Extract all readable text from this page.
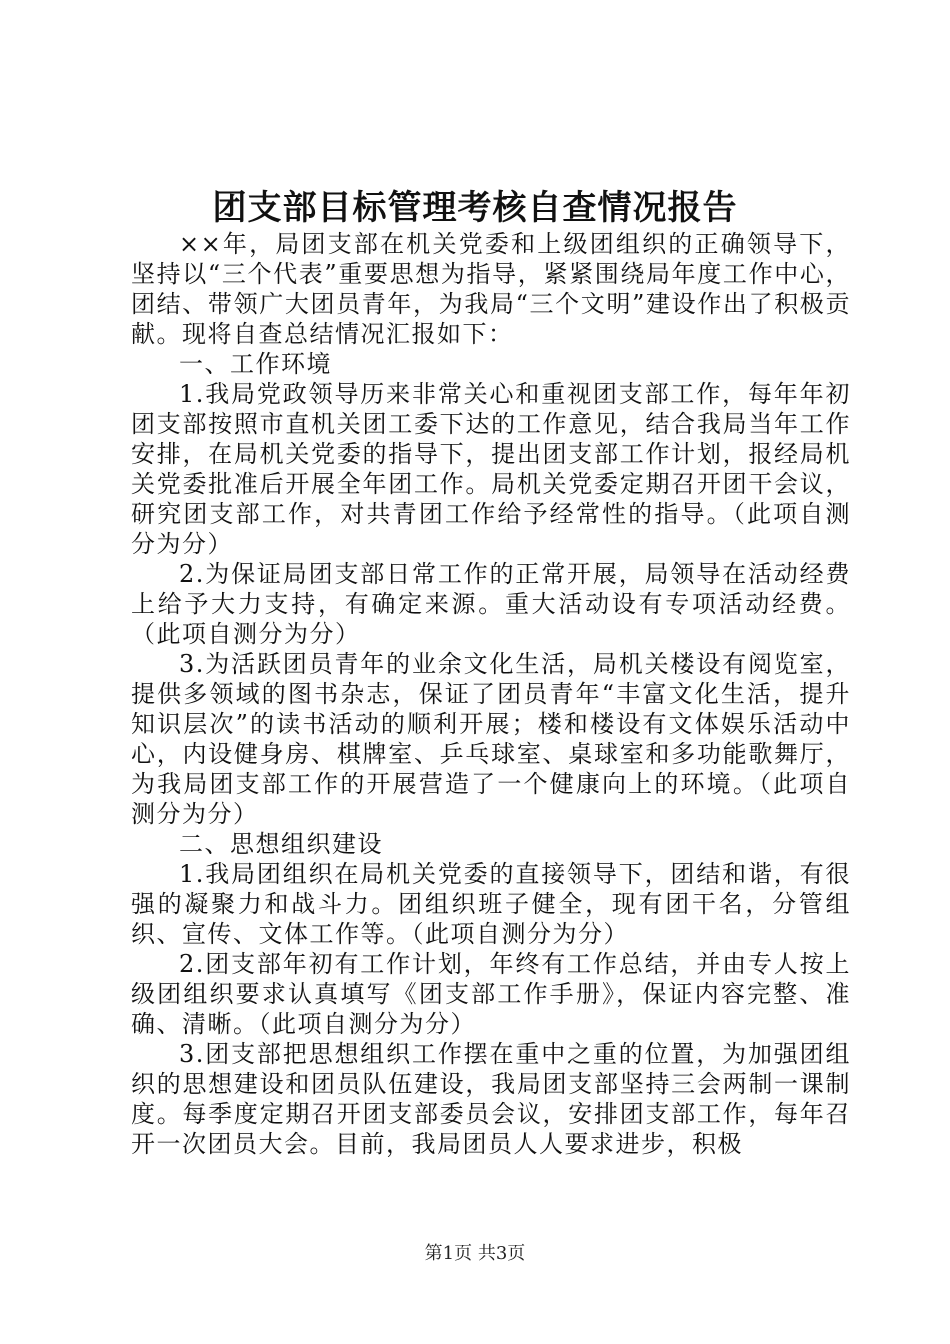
团支部目标管理考核自查情况报告

××年，局团支部在机关党委和上级团组织的正确领导下，坚持以“三个代表”重要思想为指导，紧紧围绕局年度工作中心，团结、带领广大团员青年，为我局“三个文明”建设作出了积极贡献。现将自查总结情况汇报如下：

一、工作环境

1.我局党政领导历来非常关心和重视团支部工作，每年年初团支部按照市直机关团工委下达的工作意见，结合我局当年工作安排，在局机关党委的指导下，提出团支部工作计划，报经局机关党委批准后开展全年团工作。局机关党委定期召开团干会议，研究团支部工作，对共青团工作给予经常性的指导。（此项自测分为分）

2.为保证局团支部日常工作的正常开展，局领导在活动经费上给予大力支持，有确定来源。重大活动设有专项活动经费。（此项自测分为分）

3.为活跃团员青年的业余文化生活，局机关楼设有阅览室，提供多领域的图书杂志，保证了团员青年“丰富文化生活，提升知识层次”的读书活动的顺利开展；楼和楼设有文体娱乐活动中心，内设健身房、棋牌室、乒乓球室、桌球室和多功能歌舞厅，为我局团支部工作的开展营造了一个健康向上的环境。（此项自测分为分）

二、思想组织建设

1.我局团组织在局机关党委的直接领导下，团结和谐，有很强的凝聚力和战斗力。团组织班子健全，现有团干名，分管组织、宣传、文体工作等。（此项自测分为分）

2.团支部年初有工作计划，年终有工作总结，并由专人按上级团组织要求认真填写《团支部工作手册》，保证内容完整、准确、清晰。（此项自测分为分）

3.团支部把思想组织工作摆在重中之重的位置，为加强团组织的思想建设和团员队伍建设，我局团支部坚持三会两制一课制度。每季度定期召开团支部委员会议，安排团支部工作，每年召开一次团员大会。目前，我局团员人人要求进步，积极

第1页 共3页
